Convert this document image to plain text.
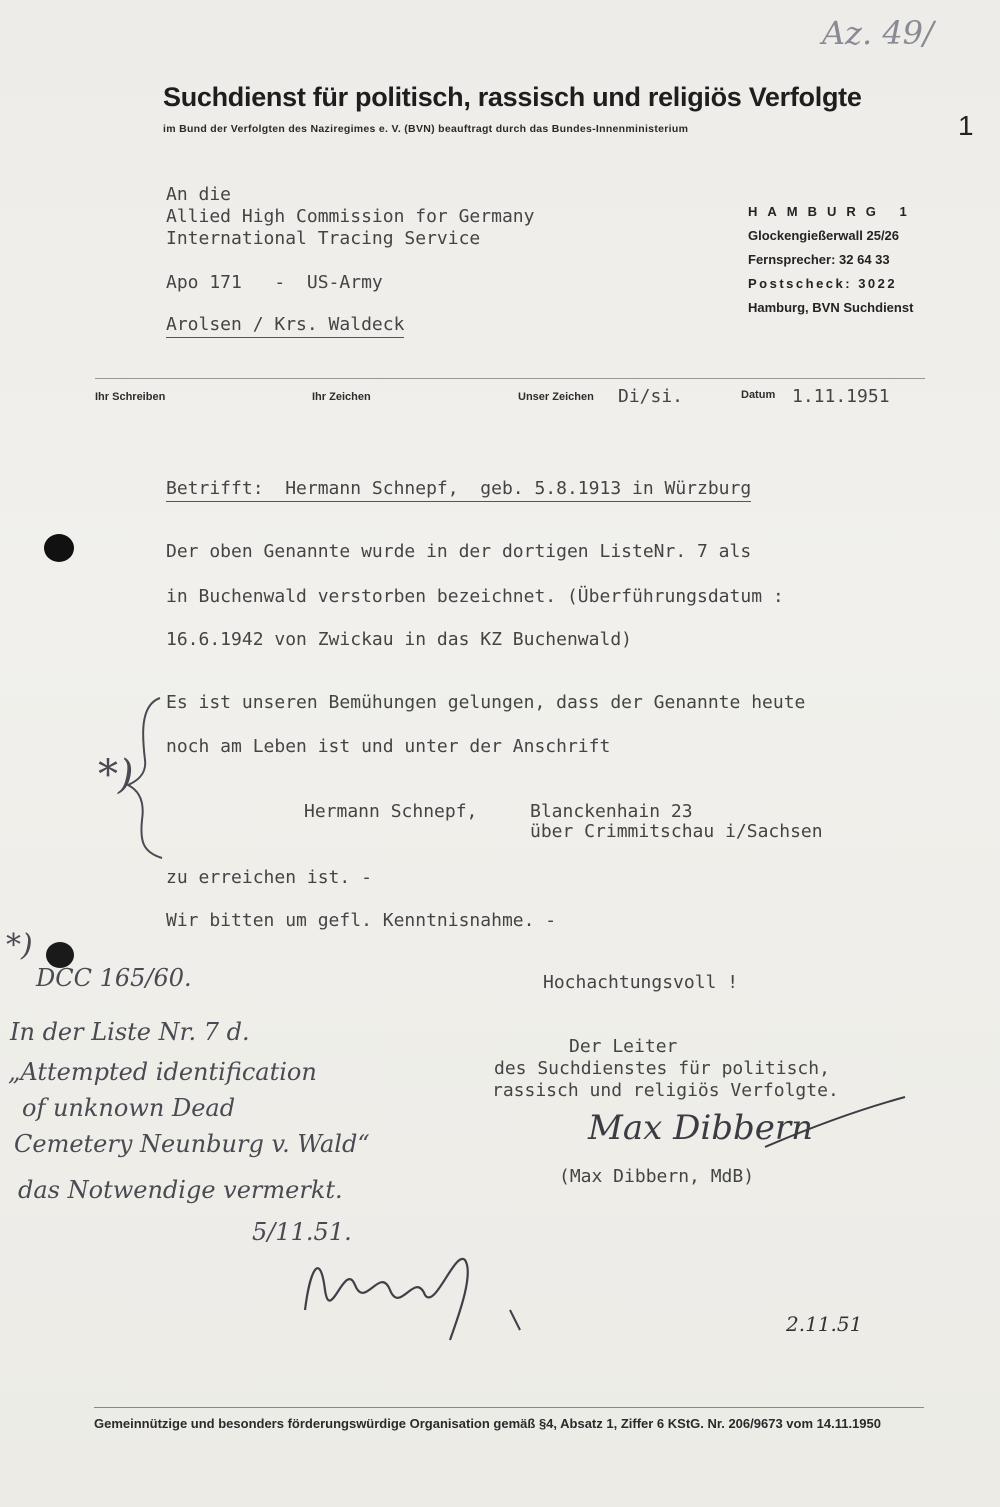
Az. 49/
Suchdienst für politisch, rassisch und religiös Verfolgte
im Bund der Verfolgten des Naziregimes e. V. (BVN) beauftragt durch das Bundes-Innenministerium	1
An die
Allied High Commission for Germany
International Tracing Service
Apo 171   -  US-Army
Arolsen / Krs. Waldeck
HAMBURG 1
Glockengießerwall 25/26
Fernsprecher: 32 64 33
Postscheck: 3022
Hamburg, BVN Suchdienst
Ihr Schreiben	Ihr Zeichen	Unser Zeichen Di/si.	Datum 1.11.1951
Betrifft:  Hermann Schnepf,  geb. 5.8.1913 in Würzburg
Der oben Genannte wurde in der dortigen ListeNr. 7 als
in Buchenwald verstorben bezeichnet. (Überführungsdatum :
16.6.1942 von Zwickau in das KZ Buchenwald)
Es ist unseren Bemühungen gelungen, dass der Genannte heute
noch am Leben ist und unter der Anschrift
*)
Hermann Schnepf,	Blanckenhain 23
über Crimmitschau i/Sachsen
zu erreichen ist. -
Wir bitten um gefl. Kenntnisnahme. -
Hochachtungsvoll !
Der Leiter
des Suchdienstes für politisch,
rassisch und religiös Verfolgte.
Max Dibbern
(Max Dibbern, MdB)
*)
DCC 165/60.
In der Liste Nr. 7 d.
„Attempted identification
of unknown Dead
Cemetery Neunburg v. Wald“
das Notwendige vermerkt.
5/11.51.
2.11.51
Gemeinnützige und besonders förderungswürdige Organisation gemäß §4, Absatz 1, Ziffer 6 KStG. Nr. 206/9673 vom 14.11.1950
